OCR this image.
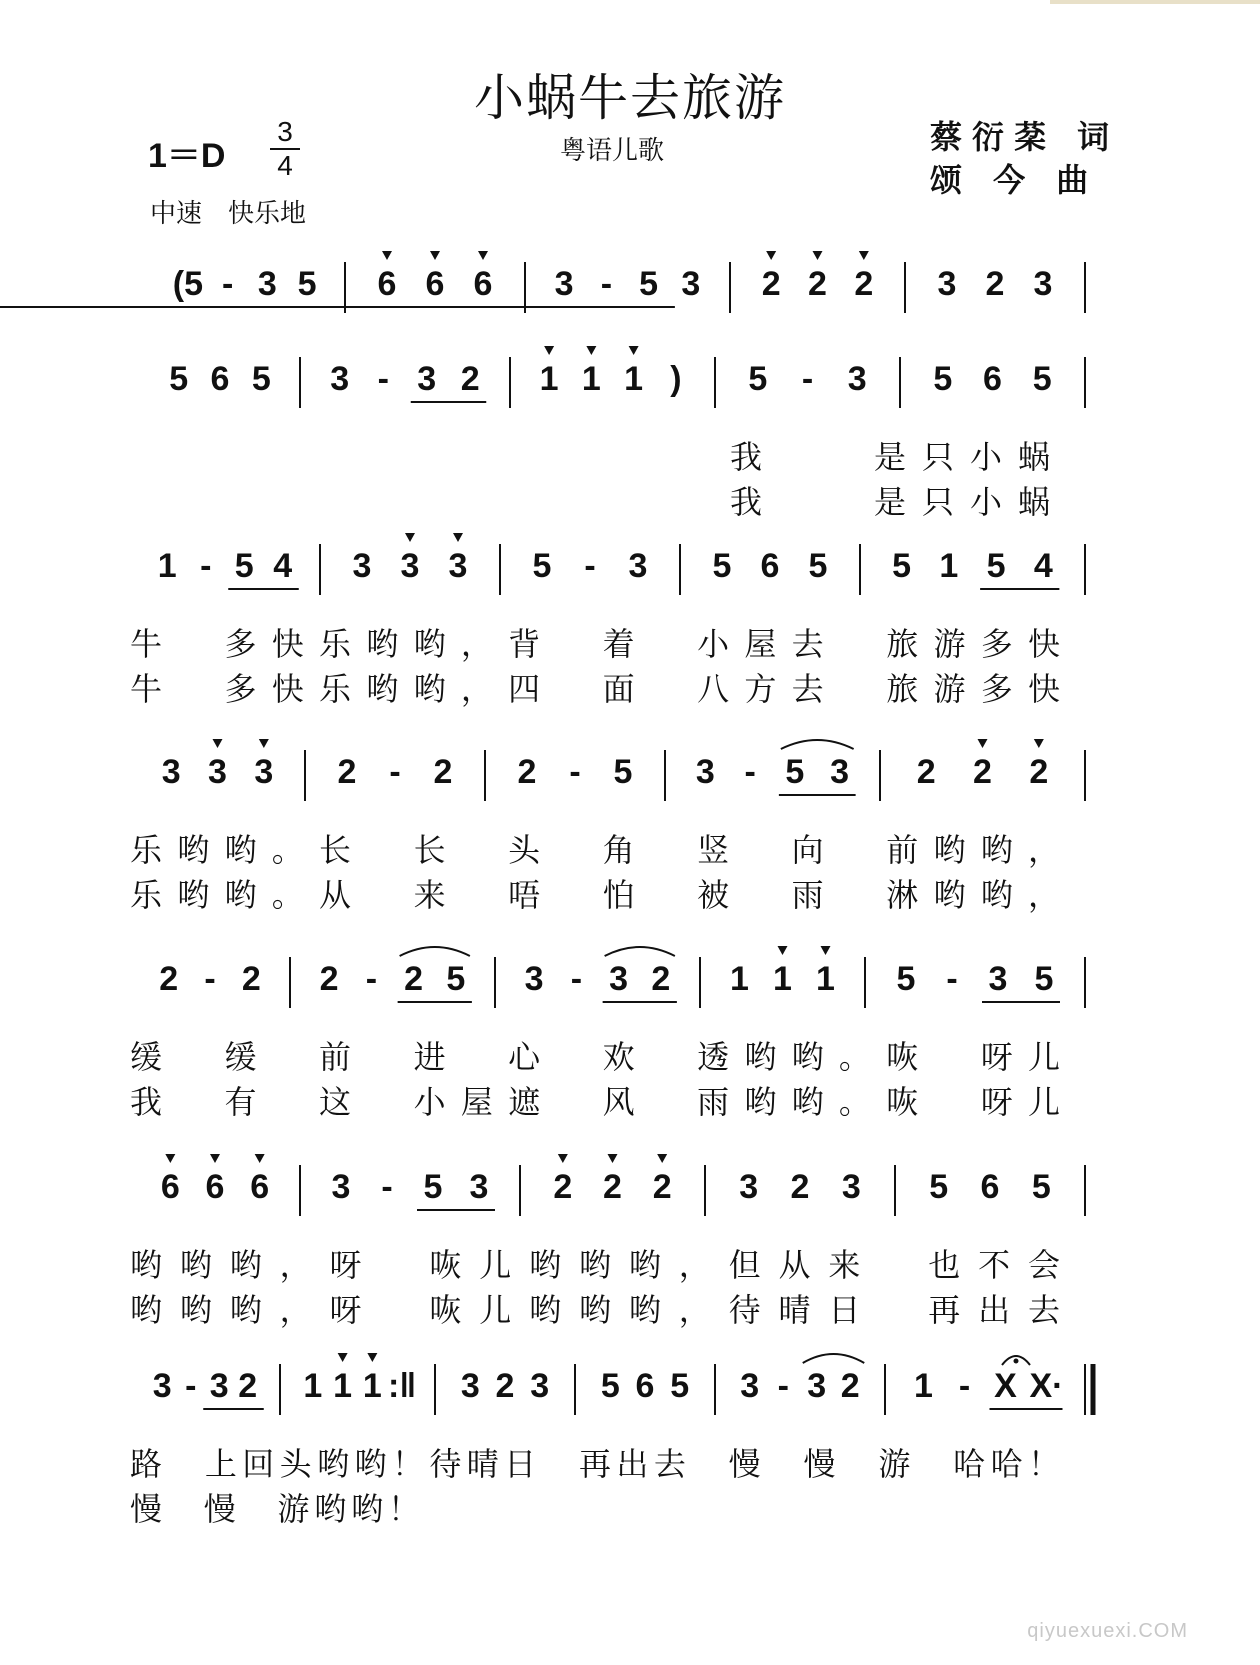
小蜗牛去旅游
1＝D
3
4	粤语儿歌
中速　快乐地
蔡衍棻 词
颂 今 曲
(5 - 3 5 6 6 6 3 - 5 3 2 2 2 3 2 3
5 6 5 3 - 3 2 1 1 1 ) 5 - 3 5 6 5
我　　是只小蜗
我　　是只小蜗
1 - 5 4 3 3 3 5 - 3 5 6 5 5 1 5 4
牛　多快乐哟哟，背　着　小屋去　旅游多快
牛　多快乐哟哟，四　面　八方去　旅游多快
3 3 3 2 - 2 2 - 5 3 - 5 3 2 2 2
乐哟哟。长　长　头　角　竖　向　前哟哟，
乐哟哟。从　来　唔　怕　被　雨　淋哟哟，
2 - 2 2 - 2 5 3 - 3 2 1 1 1 5 - 3 5
缓　缓　前　进　心　欢　透哟哟。咴　呀儿
我　有　这　小屋遮　风　雨哟哟。咴　呀儿
6 6 6 3 - 5 3 2 2 2 3 2 3 5 6 5
哟哟哟，呀　咴儿哟哟哟，但从来　也不会
哟哟哟，呀　咴儿哟哟哟，待晴日　再出去
3 - 3 2 1 1 1 :‖ 3 2 3 5 6 5 3 - 3 2 1 - X X·
路　上回头哟哟！待晴日　再出去　慢　慢　游　哈哈！
慢　慢　游哟哟！
qiyuexuexi.COM
